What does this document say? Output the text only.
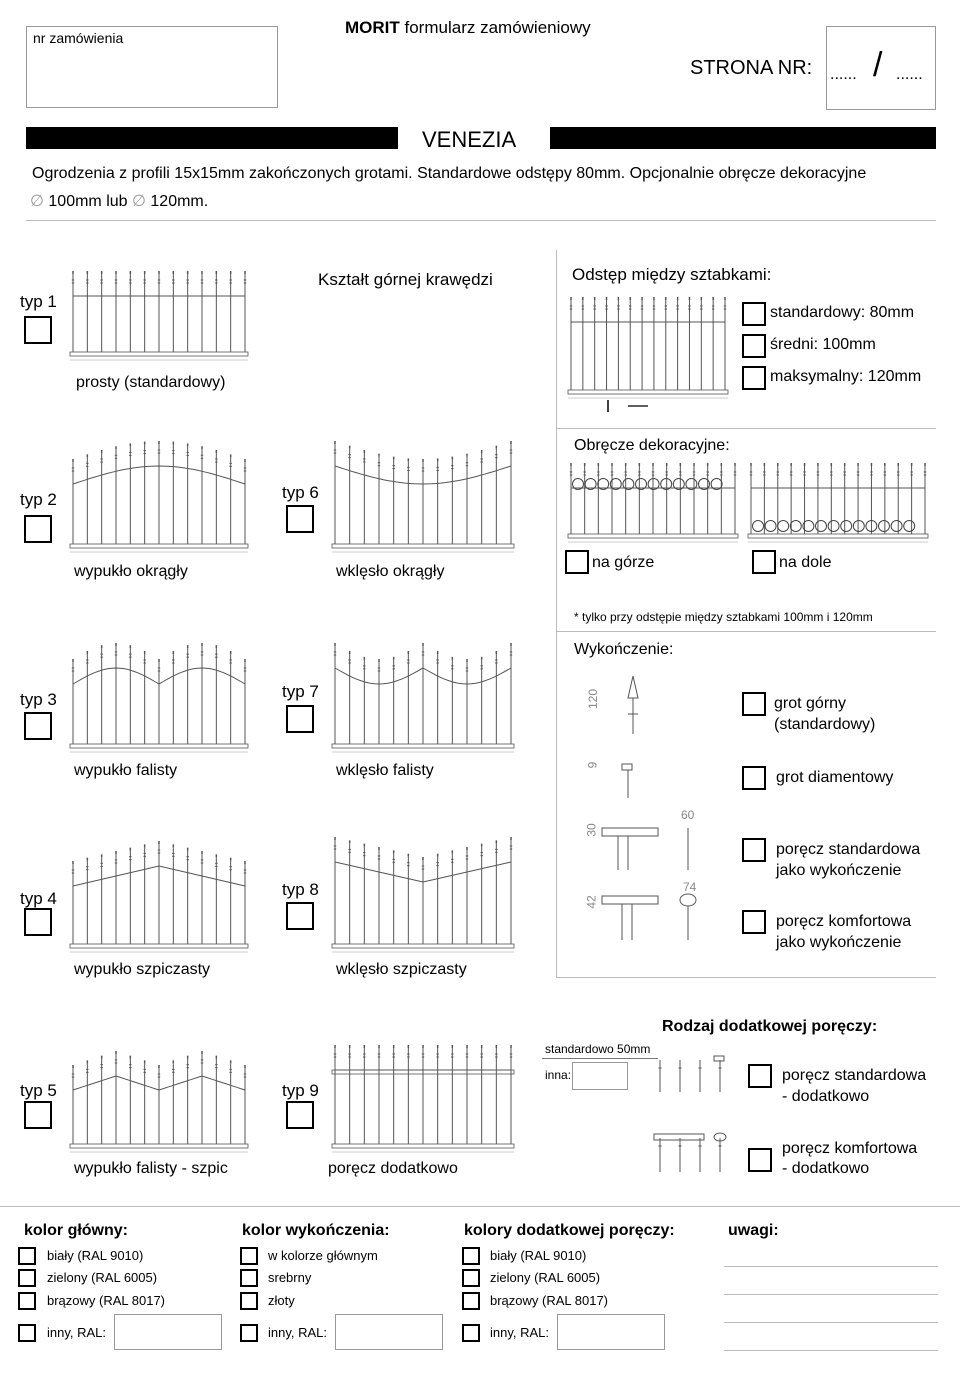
nr zamówienia
MORIT formularz zamówieniowy
STRONA NR: ...... / ......
VENEZIA
Ogrodzenia z profili 15x15mm zakończonych grotami. Standardowe odstępy 80mm. Opcjonalnie obręcze dekoracyjne
∅ 100mm lub ∅ 120mm.
typ 1
prosty (standardowy)
Kształt górnej krawędzi
typ 2
wypukło okrągły
typ 6
wklęsło okrągły
typ 3
wypukło falisty
typ 7
wklęsło falisty
typ 4
wypukło szpiczasty
typ 8
wklęsło szpiczasty
typ 5
wypukło falisty - szpic
typ 9
poręcz dodatkowo
Odstęp między sztabkami:
standardowy: 80mm
średni: 100mm
maksymalny: 120mm
Obręcze dekoracyjne:
na górze	na dole
* tylko przy odstępie między sztabkami 100mm i 120mm
Wykończenie:
120
9
30
60
42
74
grot górny
(standardowy)
grot diamentowy
poręcz standardowa
jako wykończenie
poręcz komfortowa
jako wykończenie
Rodzaj dodatkowej poręczy:
standardowo 50mm
inna:	poręcz standardowa
- dodatkowo
poręcz komfortowa
- dodatkowo
kolor główny:
biały (RAL 9010)
zielony (RAL 6005)
brązowy (RAL 8017)
inny, RAL:
kolor wykończenia:
w kolorze głównym
srebrny
złoty
inny, RAL:
kolory dodatkowej poręczy:
biały (RAL 9010)
zielony (RAL 6005)
brązowy (RAL 8017)
inny, RAL:
uwagi:
